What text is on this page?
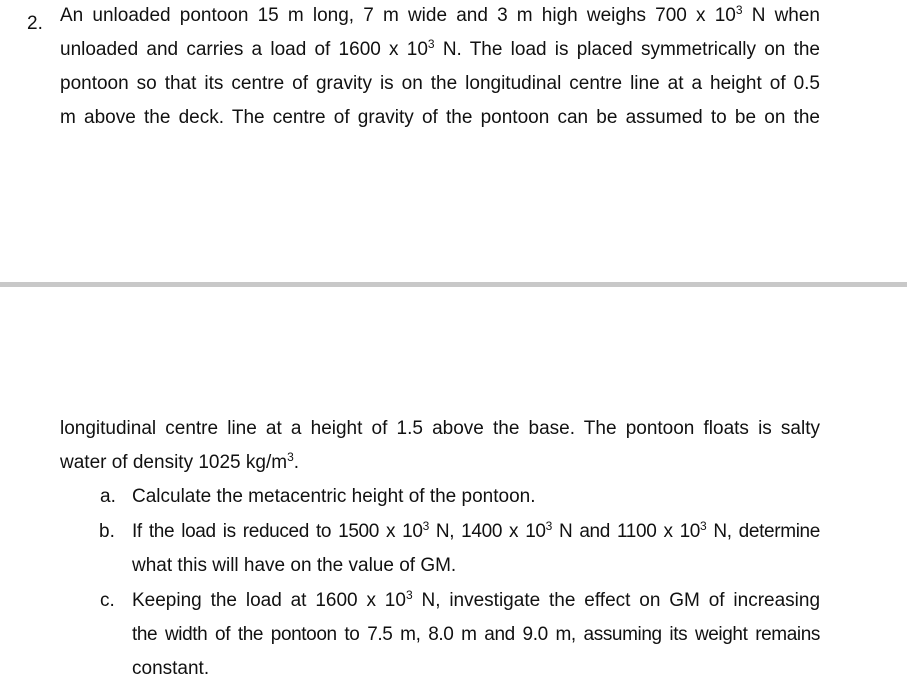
2. An unloaded pontoon 15 m long, 7 m wide and 3 m high weighs 700 x $10^3$ N when
unloaded and carries a load of 1600 x $10^3$ N. The load is placed symmetrically on the
pontoon so that its centre of gravity is on the longitudinal centre line at a height of 0.5
m above the deck. The centre of gravity of the pontoon can be assumed to be on the
longitudinal centre line at a height of 1.5 above the base. The pontoon floats is salty
water of density 1025 $kg/m^3$.
a. Calculate the metacentric height of the pontoon.
b. If the load is reduced to 1500 x $10^3$ N, 1400 x $10^3$ N and 1100 x $10^3$ N, determine
what this will have on the value of GM.
c. Keeping the load at 1600 x $10^3$ N, investigate the effect on GM of increasing
the width of the pontoon to 7.5 m, 8.0 m and 9.0 m, assuming its weight remains
constant.
